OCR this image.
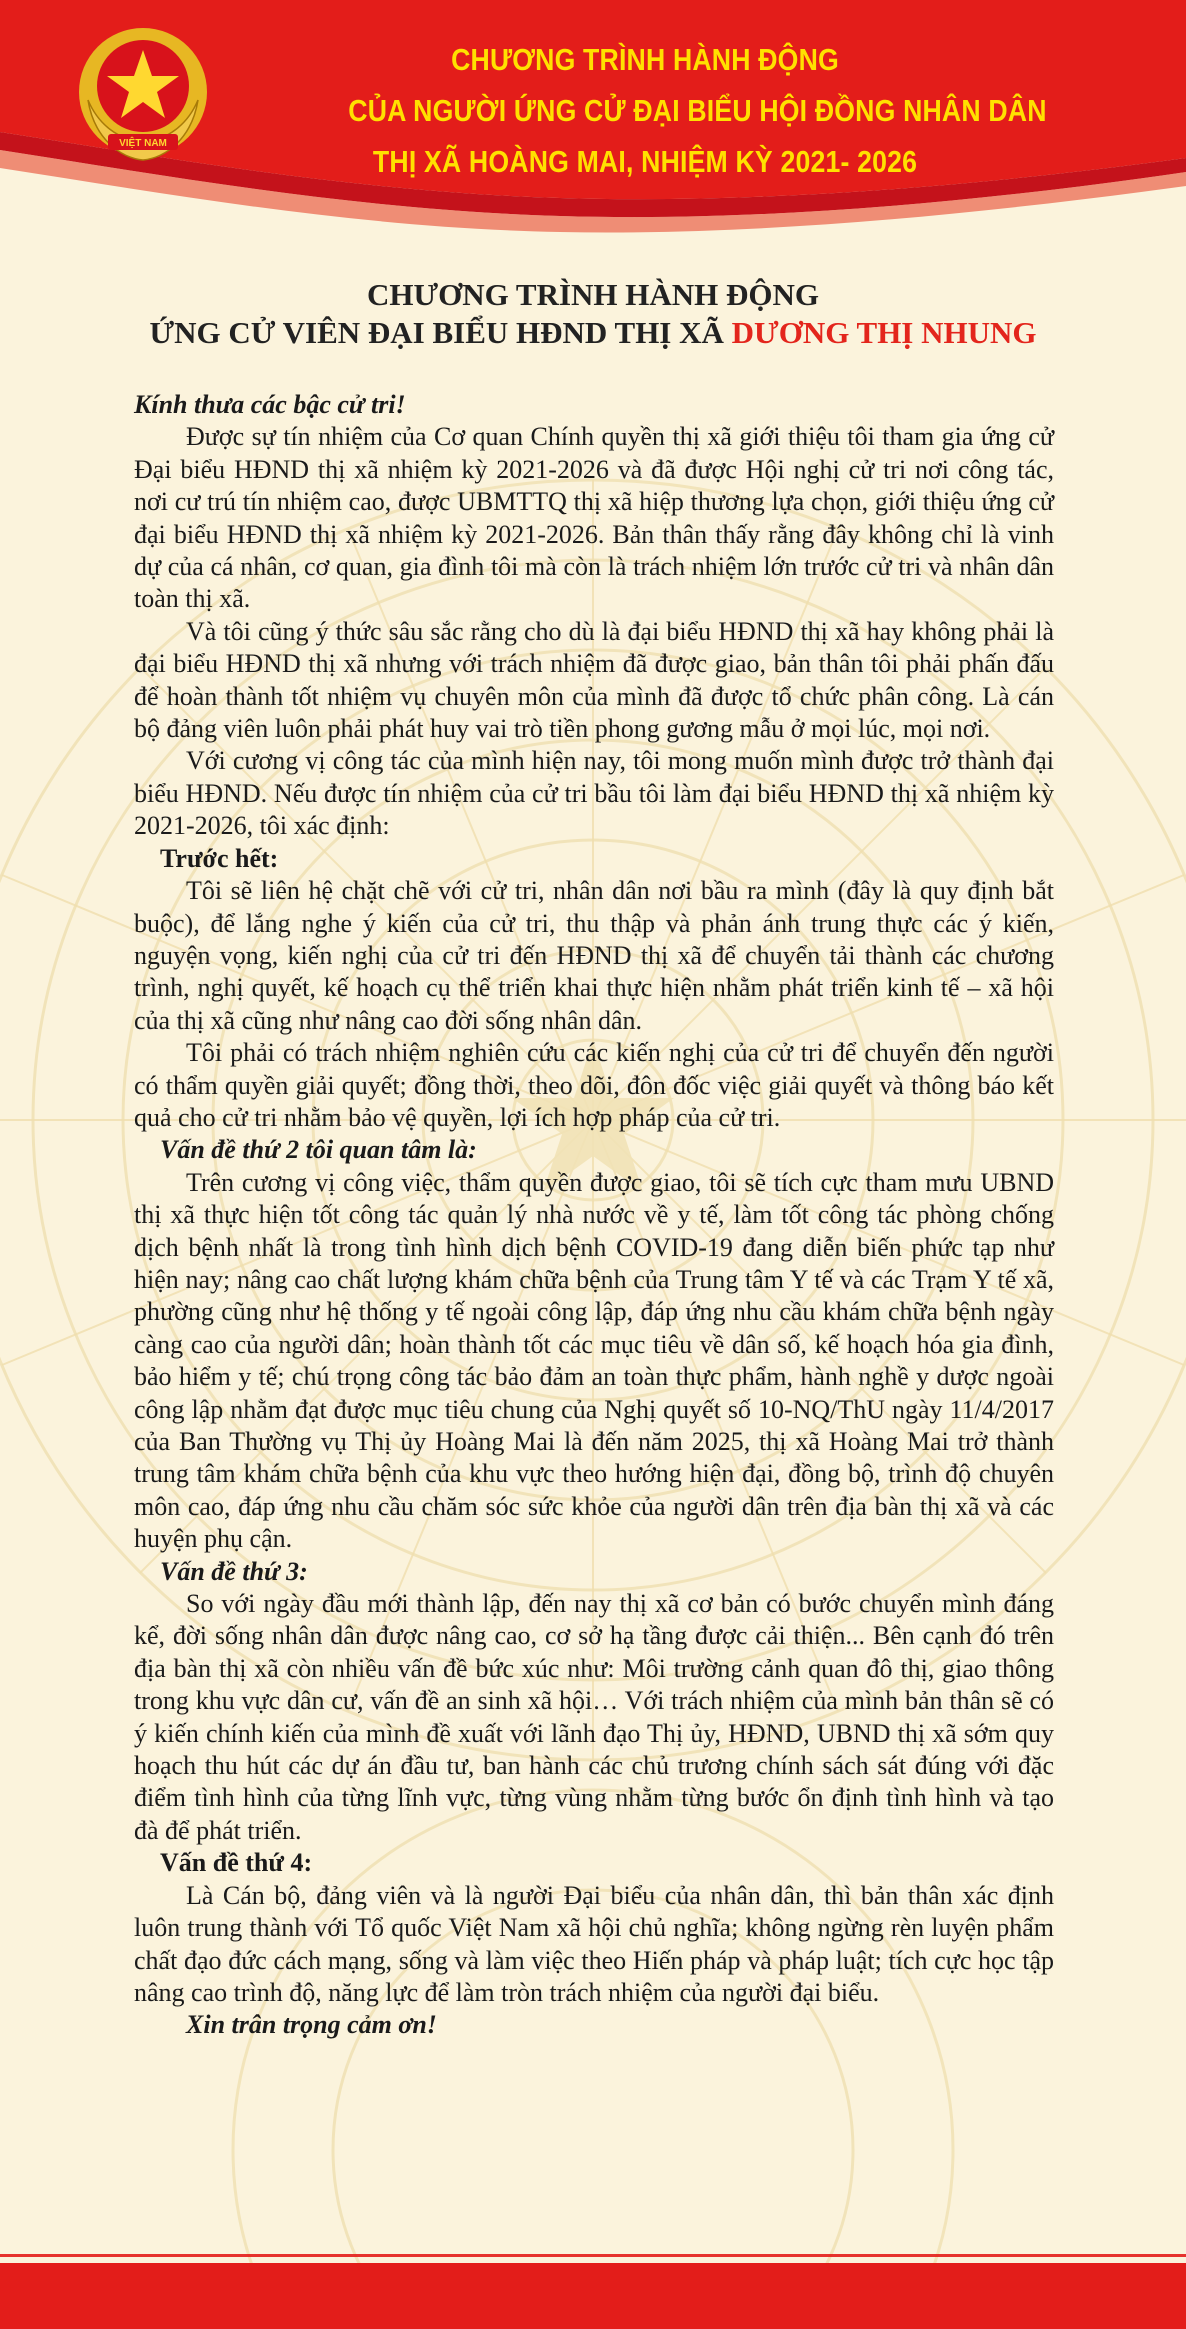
VIỆT NAM
CHƯƠNG TRÌNH HÀNH ĐỘNG
CỦA NGƯỜI ỨNG CỬ ĐẠI BIỂU HỘI ĐỒNG NHÂN DÂN
THỊ XÃ HOÀNG MAI, NHIỆM KỲ 2021- 2026
CHƯƠNG TRÌNH HÀNH ĐỘNG
ỨNG CỬ VIÊN ĐẠI BIỂU HĐND THỊ XÃ DƯƠNG THỊ NHUNG

Kính thưa các bậc cử tri!

Được sự tín nhiệm của Cơ quan Chính quyền thị xã giới thiệu tôi tham gia ứng cử Đại biểu HĐND thị xã nhiệm kỳ 2021-2026 và đã được Hội nghị cử tri nơi công tác, nơi cư trú tín nhiệm cao, được UBMTTQ thị xã hiệp thương lựa chọn, giới thiệu ứng cử đại biểu HĐND thị xã nhiệm kỳ 2021-2026. Bản thân thấy rằng đây không chỉ là vinh dự của cá nhân, cơ quan, gia đình tôi mà còn là trách nhiệm lớn trước cử tri và nhân dân toàn thị xã.

Và tôi cũng ý thức sâu sắc rằng cho dù là đại biểu HĐND thị xã hay không phải là đại biểu HĐND thị xã nhưng với trách nhiệm đã được giao, bản thân tôi phải phấn đấu để hoàn thành tốt nhiệm vụ chuyên môn của mình đã được tổ chức phân công. Là cán bộ đảng viên luôn phải phát huy vai trò tiền phong gương mẫu ở mọi lúc, mọi nơi.

Với cương vị công tác của mình hiện nay, tôi mong muốn mình được trở thành đại biểu HĐND. Nếu được tín nhiệm của cử tri bầu tôi làm đại biểu HĐND thị xã nhiệm kỳ 2021-2026, tôi xác định:

 Trước hết:

Tôi sẽ liên hệ chặt chẽ với cử tri, nhân dân nơi bầu ra mình (đây là quy định bắt buộc), để lắng nghe ý kiến của cử tri, thu thập và phản ánh trung thực các ý kiến, nguyện vọng, kiến nghị của cử tri đến HĐND thị xã để chuyển tải thành các chương trình, nghị quyết, kế hoạch cụ thể triển khai thực hiện nhằm phát triển kinh tế – xã hội của thị xã cũng như nâng cao đời sống nhân dân.

Tôi phải có trách nhiệm nghiên cứu các kiến nghị của cử tri để chuyển đến người có thẩm quyền giải quyết; đồng thời, theo dõi, đôn đốc việc giải quyết và thông báo kết quả cho cử tri nhằm bảo vệ quyền, lợi ích hợp pháp của cử tri.

 Vấn đề thứ 2 tôi quan tâm là:

Trên cương vị công việc, thẩm quyền được giao, tôi sẽ tích cực tham mưu UBND thị xã thực hiện tốt công tác quản lý nhà nước về y tế, làm tốt công tác phòng chống dịch bệnh nhất là trong tình hình dịch bệnh COVID-19 đang diễn biến phức tạp như hiện nay; nâng cao chất lượng khám chữa bệnh của Trung tâm Y tế và các Trạm Y tế xã, phường cũng như hệ thống y tế ngoài công lập, đáp ứng nhu cầu khám chữa bệnh ngày càng cao của người dân; hoàn thành tốt các mục tiêu về dân số, kế hoạch hóa gia đình, bảo hiểm y tế; chú trọng công tác bảo đảm an toàn thực phẩm, hành nghề y dược ngoài công lập nhằm đạt được mục tiêu chung của Nghị quyết số 10-NQ/ThU ngày 11/4/2017 của Ban Thường vụ Thị ủy Hoàng Mai là đến năm 2025, thị xã Hoàng Mai trở thành trung tâm khám chữa bệnh của khu vực theo hướng hiện đại, đồng bộ, trình độ chuyên môn cao, đáp ứng nhu cầu chăm sóc sức khỏe của người dân trên địa bàn thị xã và các huyện phụ cận.

 Vấn đề thứ 3:

So với ngày đầu mới thành lập, đến nay thị xã cơ bản có bước chuyển mình đáng kể, đời sống nhân dân được nâng cao, cơ sở hạ tầng được cải thiện... Bên cạnh đó trên địa bàn thị xã còn nhiều vấn đề bức xúc như: Môi trường cảnh quan đô thị, giao thông trong khu vực dân cư, vấn đề an sinh xã hội… Với trách nhiệm của mình bản thân sẽ có ý kiến chính kiến của mình đề xuất với lãnh đạo Thị ủy, HĐND, UBND thị xã sớm quy hoạch thu hút các dự án đầu tư, ban hành các chủ trương chính sách sát đúng với đặc điểm tình hình của từng lĩnh vực, từng vùng nhằm từng bước ổn định tình hình và tạo đà để phát triển.

 Vấn đề thứ 4:

Là Cán bộ, đảng viên và là người Đại biểu của nhân dân, thì bản thân xác định luôn trung thành với Tổ quốc Việt Nam xã hội chủ nghĩa; không ngừng rèn luyện phẩm chất đạo đức cách mạng, sống và làm việc theo Hiến pháp và pháp luật; tích cực học tập nâng cao trình độ, năng lực để làm tròn trách nhiệm của người đại biểu.

Xin trân trọng cảm ơn!
